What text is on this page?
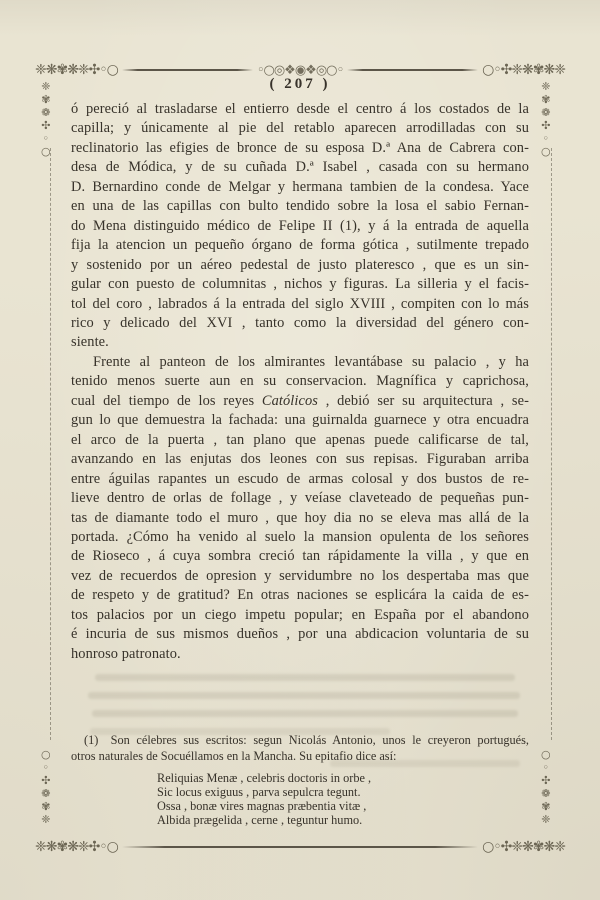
❈❋✾❋❈✣◦○	◦○◎❖◉❖◎○◦	○◦✣❈❋✾❋❈
❈
✾
❁
✣
◦
○
❈
✾
❁
✣
◦
○
○
◦
✣
❁
✾
❈
○
◦
✣
❁
✾
❈
( 207 )
ó pereció al trasladarse el entierro desde el centro á los costados de la
capilla; y únicamente al pie del retablo aparecen arrodilladas con su
reclinatorio las efigies de bronce de su esposa D.ª Ana de Cabrera con-
desa de Módica, y de su cuñada D.ª Isabel , casada con su hermano
D. Bernardino conde de Melgar y hermana tambien de la condesa. Yace
en una de las capillas con bulto tendido sobre la losa el sabio Fernan-
do Mena distinguido médico de Felipe II (1), y á la entrada de aquella
fija la atencion un pequeño órgano de forma gótica , sutilmente trepado
y sostenido por un aéreo pedestal de justo plateresco , que es un sin-
gular con puesto de columnitas , nichos y figuras. La silleria y el facis-
tol del coro , labrados á la entrada del siglo XVIII , compiten con lo más
rico y delicado del XVI , tanto como la diversidad del género con-
siente.
Frente al panteon de los almirantes levantábase su palacio , y ha
tenido menos suerte aun en su conservacion. Magnífica y caprichosa,
cual del tiempo de los reyes Católicos , debió ser su arquitectura , se-
gun lo que demuestra la fachada: una guirnalda guarnece y otra encuadra
el arco de la puerta , tan plano que apenas puede calificarse de tal,
avanzando en las enjutas dos leones con sus repisas. Figuraban arriba
entre águilas rapantes un escudo de armas colosal y dos bustos de re-
lieve dentro de orlas de follage , y veíase claveteado de pequeñas pun-
tas de diamante todo el muro , que hoy dia no se eleva mas allá de la
portada. ¿Cómo ha venido al suelo la mansion opulenta de los señores
de Rioseco , á cuya sombra creció tan rápidamente la villa , y que en
vez de recuerdos de opresion y servidumbre no los despertaba mas que
de respeto y de gratitud? En otras naciones se esplicára la caida de es-
tos palacios por un ciego impetu popular; en España por el abandono
é incuria de sus mismos dueños , por una abdicacion voluntaria de su
honroso patronato.
(1) Son célebres sus escritos: segun Nicolás Antonio, unos le creyeron portugués,
otros naturales de Socuéllamos en la Mancha. Su epitafio dice así:
Reliquias Menæ , celebris doctoris in orbe ,
Sic locus exiguus , parva sepulcra tegunt.
Ossa , bonæ vires magnas præbentia vitæ ,
Albida prægelida , cerne , teguntur humo.
❈❋✾❋❈✣◦○	○◦✣❈❋✾❋❈
